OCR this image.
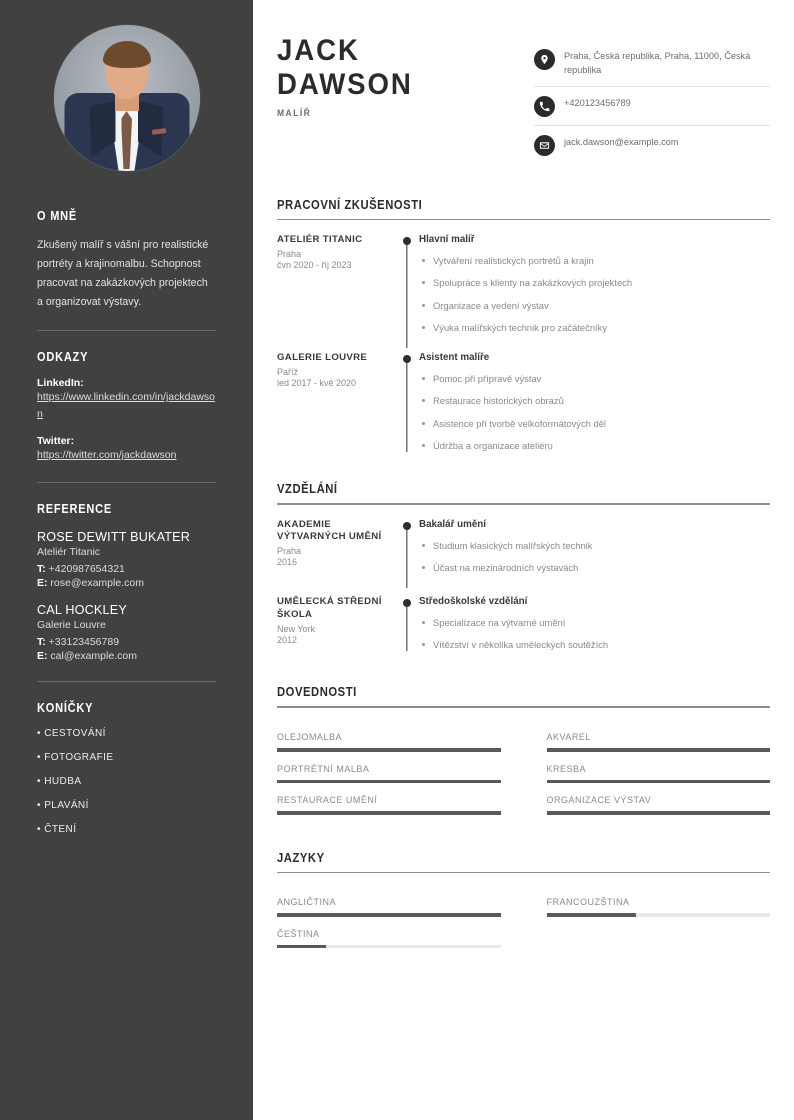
O MNĚ
Zkušený malíř s vášní pro realistické portréty a krajinomalbu. Schopnost pracovat na zakázkových projektech a organizovat výstavy.
ODKAZY
LinkedIn:
https://www.linkedin.com/in/jackdawson
Twitter:
https://twitter.com/jackdawson
REFERENCE
ROSE DEWITT BUKATER
Ateliér Titanic
T: +420987654321
E: rose@example.com
CAL HOCKLEY
Galerie Louvre
T: +33123456789
E: cal@example.com
KONÍČKY
• CESTOVÁNÍ
• FOTOGRAFIE
• HUDBA
• PLAVÁNÍ
• ČTENÍ
JACK
DAWSON
MALÍŘ
Praha, Česká republika, Praha, 11000, Česká republika
+420123456789
jack.dawson@example.com
PRACOVNÍ ZKUŠENOSTI
ATELIÉR TITANIC
Praha
čvn 2020 - říj 2023
Hlavní malíř
Vytváření realistických portrétů a krajin
Spolupráce s klienty na zakázkových projektech
Organizace a vedení výstav
Výuka malířských technik pro začátečníky
GALERIE LOUVRE
Paříž
led 2017 - kvě 2020
Asistent malíře
Pomoc při přípravě výstav
Restaurace historických obrazů
Asistence při tvorbě velkoformátových děl
Údržba a organizace ateliéru
VZDĚLÁNÍ
AKADEMIE VÝTVARNÝCH UMĚNÍ
Praha
2016
Bakalář umění
Studium klasických malířských technik
Účast na mezinárodních výstavách
UMĚLECKÁ STŘEDNÍ ŠKOLA
New York
2012
Středoškolské vzdělání
Specializace na výtvarné umění
Vítězství v několika uměleckých soutěžích
DOVEDNOSTI
OLEJOMALBA	AKVAREL
PORTRÉTNÍ MALBA	KRESBA
RESTAURACE UMĚNÍ	ORGANIZACE VÝSTAV
JAZYKY
ANGLIČTINA	FRANCOUZŠTINA
ČEŠTINA
